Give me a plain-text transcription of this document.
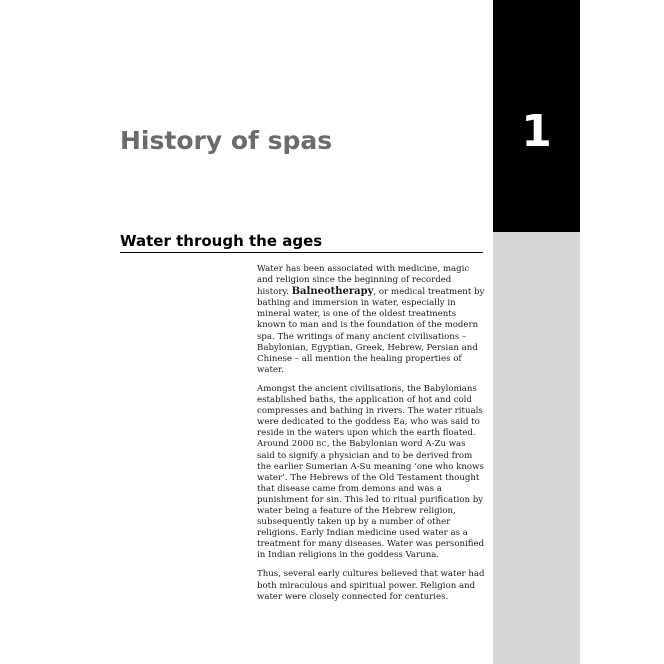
1
History of spas
Water through the ages

Water has been associated with medicine, magic and religion since the beginning of recorded history. Balneotherapy, or medical treatment by bathing and immersion in water, especially in mineral water, is one of the oldest treatments known to man and is the foundation of the modern spa. The writings of many ancient civilisations – Babylonian, Egyptian, Greek, Hebrew, Persian and Chinese – all mention the healing properties of water.

Amongst the ancient civilisations, the Babylonians established baths, the application of hot and cold compresses and bathing in rivers. The water rituals were dedicated to the goddess Ea, who was said to reside in the waters upon which the earth floated. Around 2000 BC, the Babylonian word A-Zu was said to signify a physician and to be derived from the earlier Sumerian A-Su meaning ‘one who knows water’. The Hebrews of the Old Testament thought that disease came from demons and was a punishment for sin. This led to ritual purification by water being a feature of the Hebrew religion, subsequently taken up by a number of other religions. Early Indian medicine used water as a treatment for many diseases. Water was personified in Indian religions in the goddess Varuna.

Thus, several early cultures believed that water had both miraculous and spiritual power. Religion and water were closely connected for centuries.
